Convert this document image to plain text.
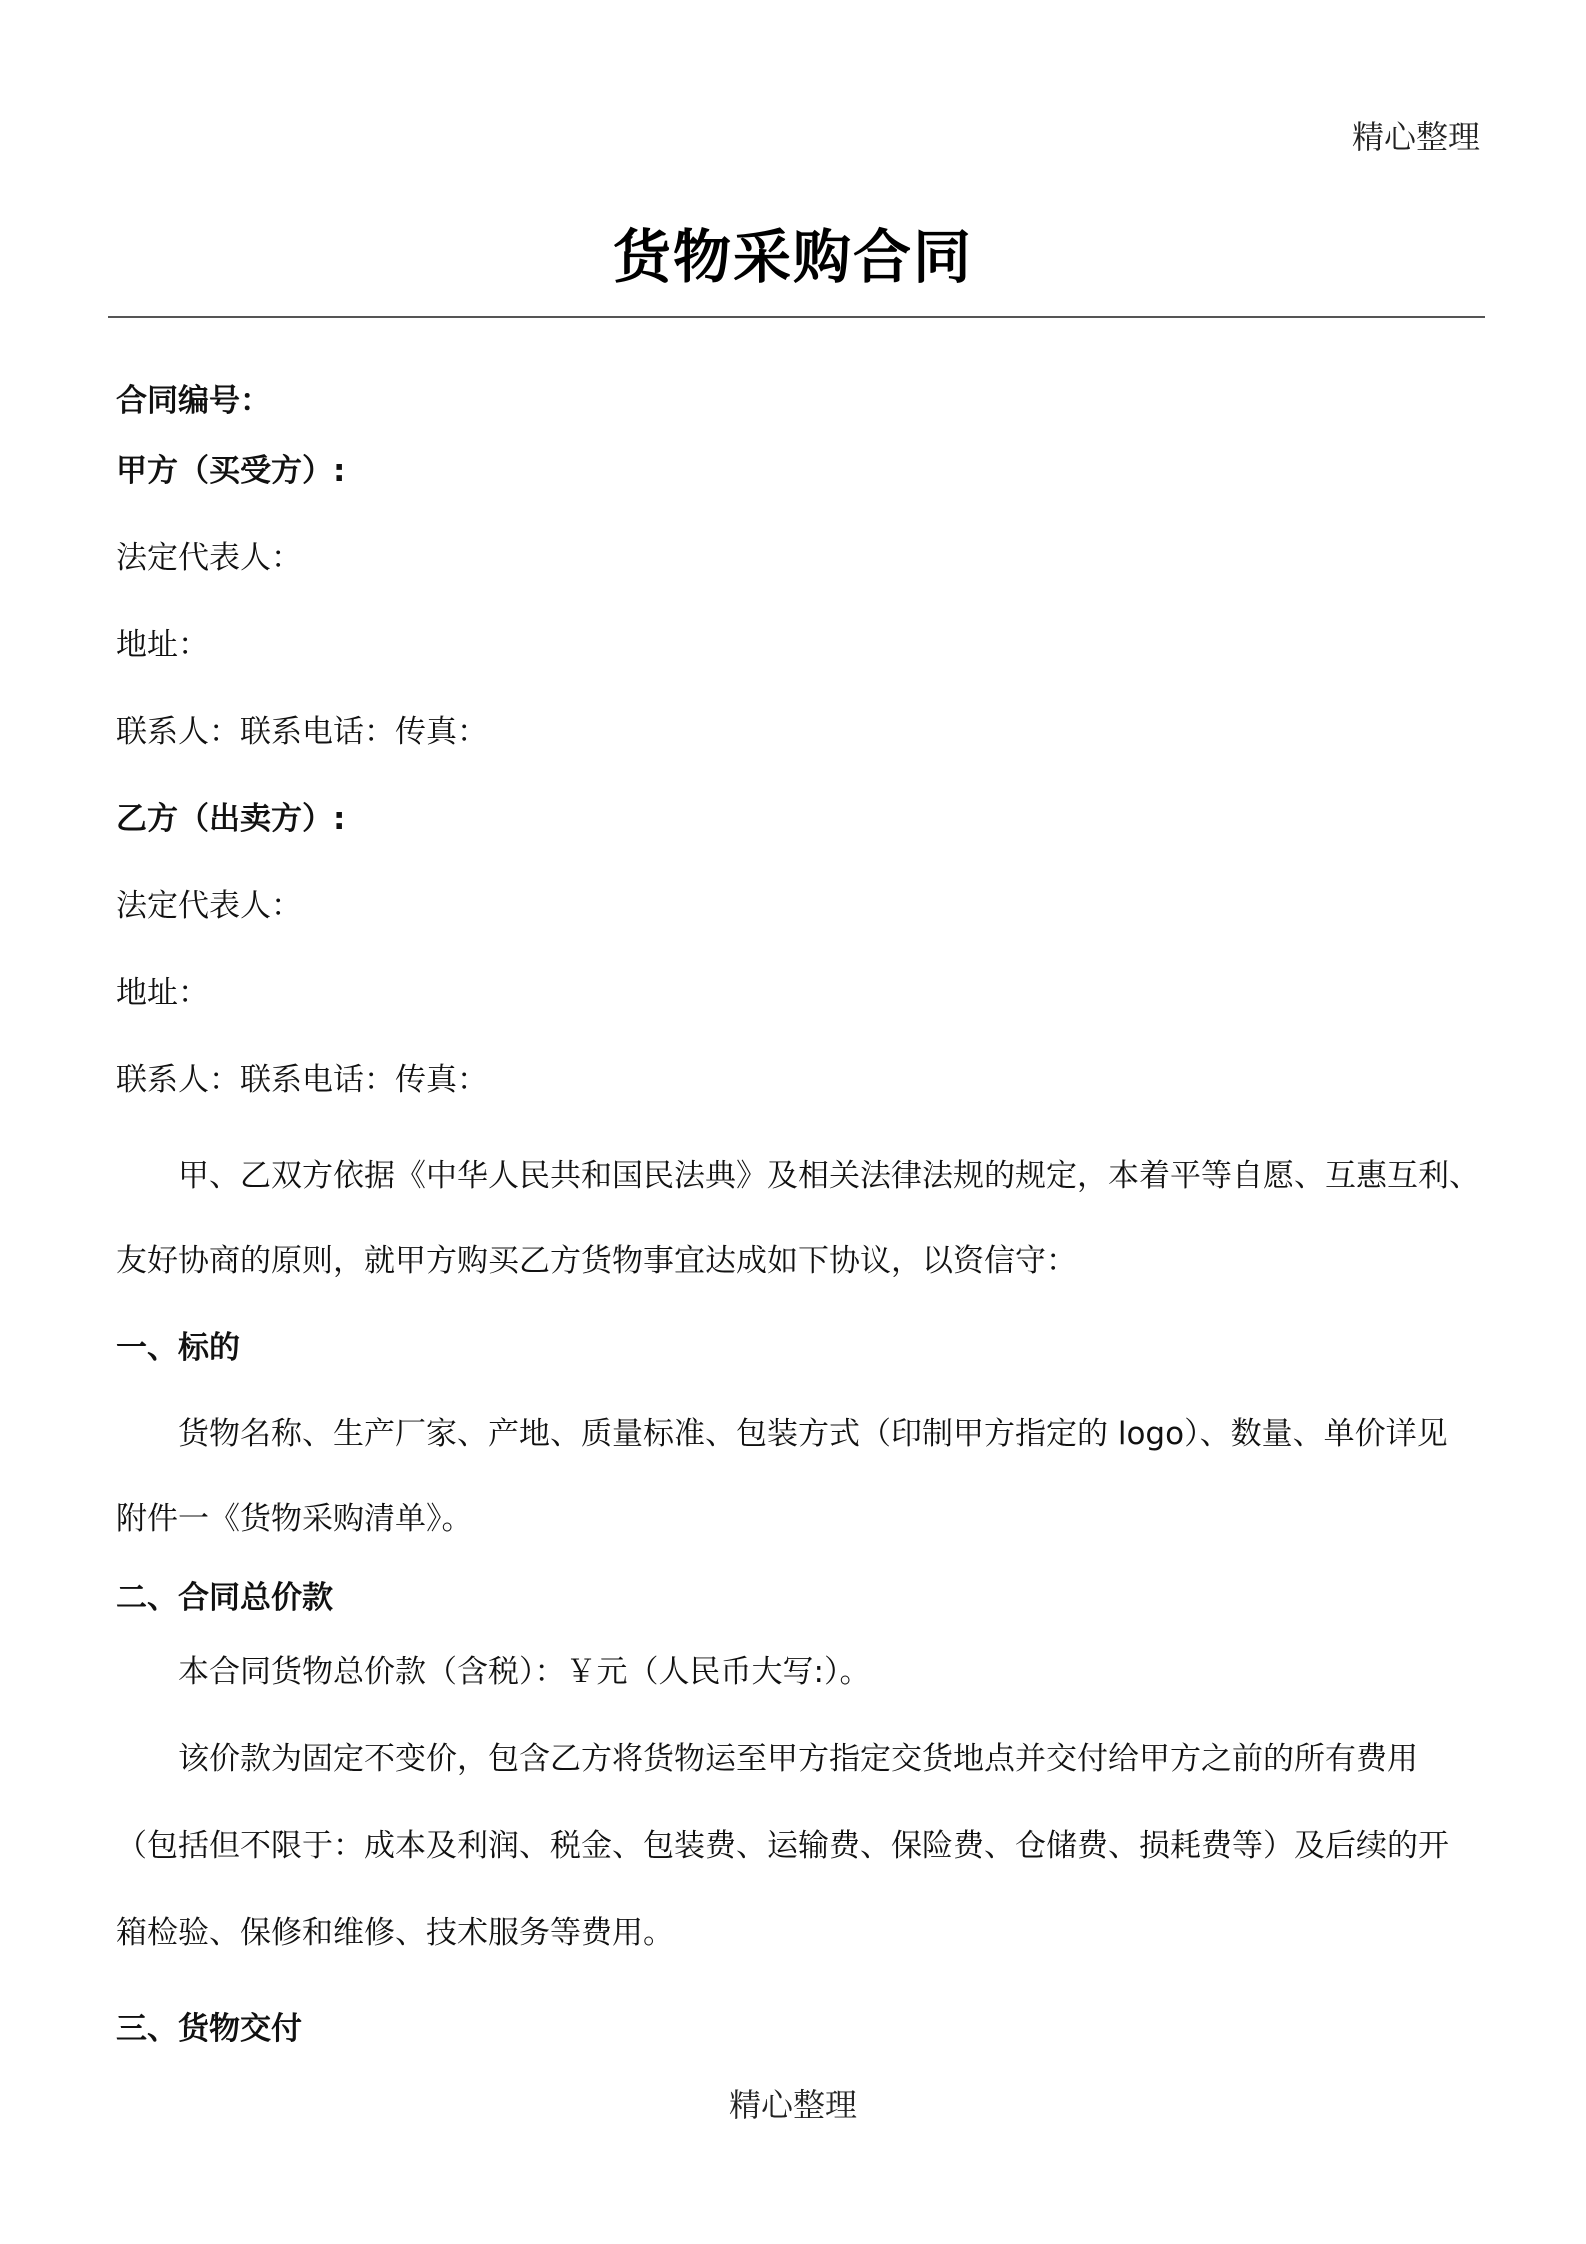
精心整理
货物采购合同
合同编号：
甲方（买受方）:
法定代表人：
地址：
联系人：联系电话：传真：
乙方（出卖方）:
法定代表人：
地址：
联系人：联系电话：传真：
甲、乙双方依据《中华人民共和国民法典》及相关法律法规的规定，本着平等自愿、互惠互利、
友好协商的原则，就甲方购买乙方货物事宜达成如下协议，以资信守：
一、标的
货物名称、生产厂家、产地、质量标准、包装方式（印制甲方指定的 logo）、数量、单价详见
附件一《货物采购清单》。
二、合同总价款
本合同货物总价款（含税）：￥元（人民币大写:）。
该价款为固定不变价，包含乙方将货物运至甲方指定交货地点并交付给甲方之前的所有费用
（包括但不限于：成本及利润、税金、包装费、运输费、保险费、仓储费、损耗费等）及后续的开
箱检验、保修和维修、技术服务等费用。
三、货物交付
精心整理
